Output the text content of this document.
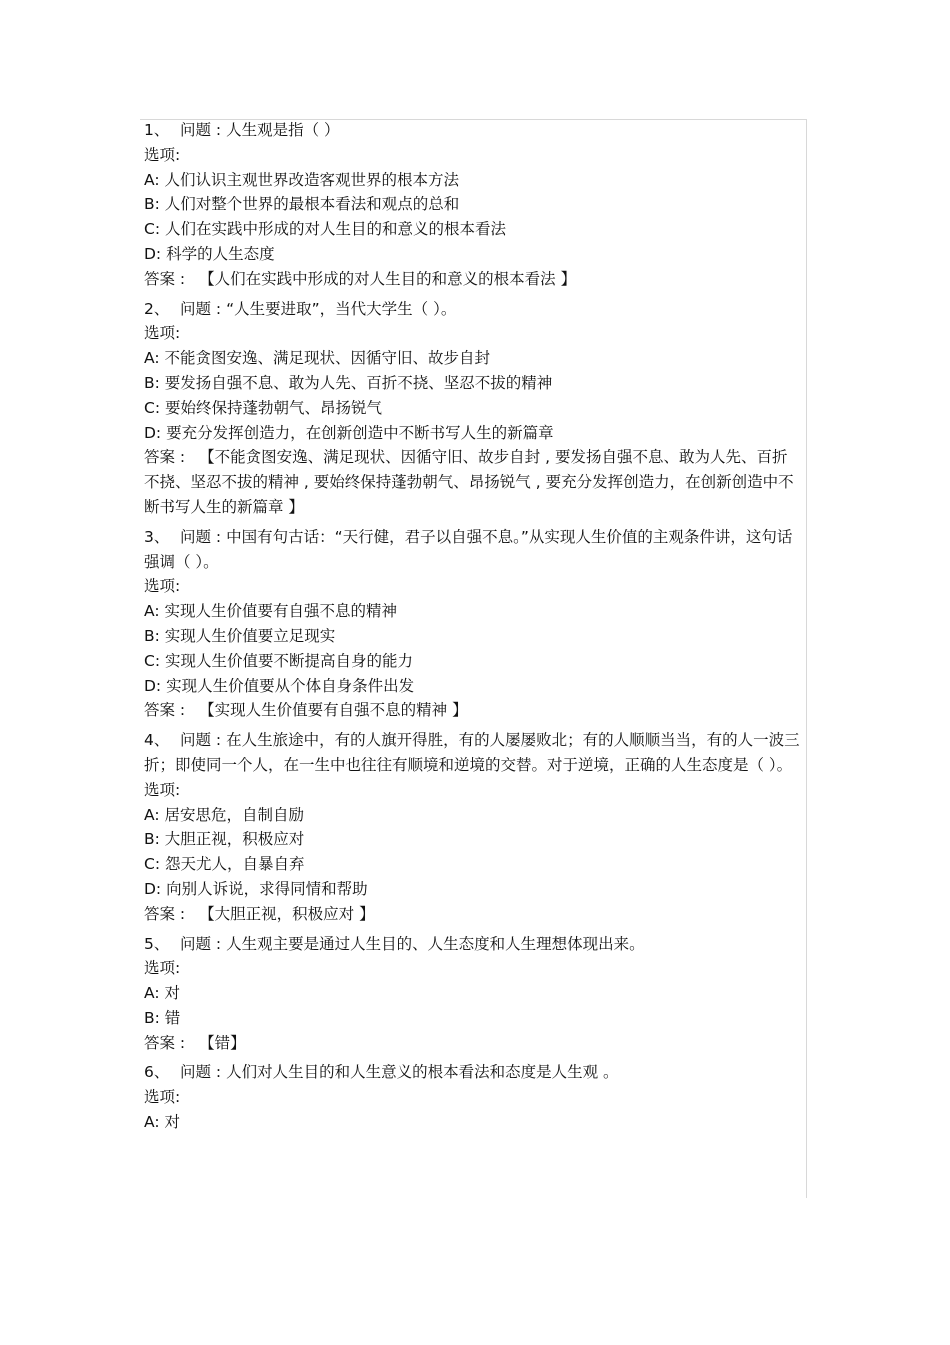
1、 问题 : 人生观是指（ ）
选项:
A: 人们认识主观世界改造客观世界的根本方法
B: 人们对整个世界的最根本看法和观点的总和
C: 人们在实践中形成的对人生目的和意义的根本看法
D: 科学的人生态度
答案 : 【人们在实践中形成的对人生目的和意义的根本看法 】
2、 问题 : “人生要进取”，当代大学生（ ）。
选项:
A: 不能贪图安逸、满足现状、因循守旧、故步自封
B: 要发扬自强不息、敢为人先、百折不挠、坚忍不拔的精神
C: 要始终保持蓬勃朝气、昂扬锐气
D: 要充分发挥创造力，在创新创造中不断书写人生的新篇章
答案 : 【不能贪图安逸、满足现状、因循守旧、故步自封 , 要发扬自强不息、敢为人先、百折不挠、坚忍不拔的精神 , 要始终保持蓬勃朝气、昂扬锐气 , 要充分发挥创造力，在创新创造中不断书写人生的新篇章 】
3、 问题 : 中国有句古话：“天行健，君子以自强不息。”从实现人生价值的主观条件讲，这句话强调（ ）。
选项:
A: 实现人生价值要有自强不息的精神
B: 实现人生价值要立足现实
C: 实现人生价值要不断提高自身的能力
D: 实现人生价值要从个体自身条件出发
答案 : 【实现人生价值要有自强不息的精神 】
4、 问题 : 在人生旅途中，有的人旗开得胜，有的人屡屡败北；有的人顺顺当当，有的人一波三折；即使同一个人，在一生中也往往有顺境和逆境的交替。对于逆境，正确的人生态度是（ ）。
选项:
A: 居安思危，自制自励
B: 大胆正视，积极应对
C: 怨天尤人，自暴自弃
D: 向别人诉说，求得同情和帮助
答案 : 【大胆正视，积极应对 】
5、 问题 : 人生观主要是通过人生目的、人生态度和人生理想体现出来。
选项:
A: 对
B: 错
答案 : 【错】
6、 问题 : 人们对人生目的和人生意义的根本看法和态度是人生观 。
选项:
A: 对
